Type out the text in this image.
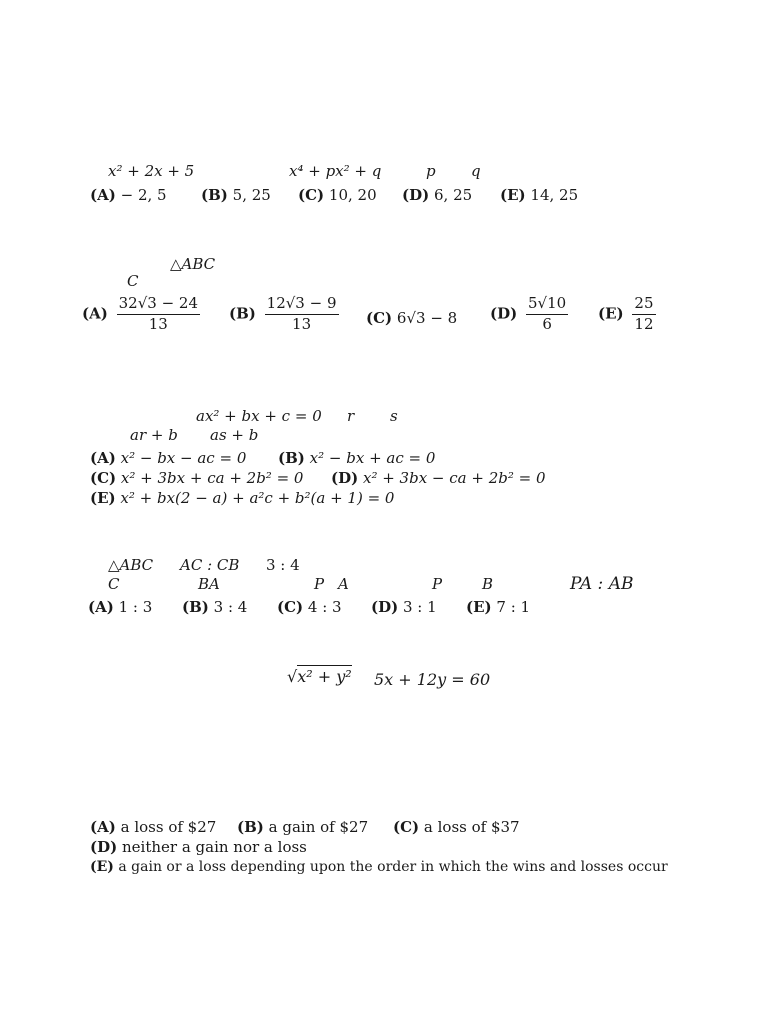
x² + 2x + 5	x⁴ + px² + q	p q
(A) − 2, 5 (B) 5, 25 (C) 10, 20 (D) 6, 25 (E) 14, 25
△ABC
C
$(A) \frac{32√3 - 24}{13} (B) \frac{12√3 - 9}{13} (C) 6√3 - 8$ $(D) \frac{5√10}{6} (E) \frac{25}{12}$
ax² + bx + c = 0 r s
ar + b as + b
(A) x² − bx − ac = 0 (B) x² − bx + ac = 0
(C) x² + 3bx + ca + 2b² = 0 (D) x² + 3bx − ca + 2b² = 0
(E) x² + bx(2 − a) + a²c + b²(a + 1) = 0
△ABC AC : CB 3 : 4
C	BA	P A	P	B	PA : AB
(A) 1 : 3 (B) 3 : 4 (C) 4 : 3 (D) 3 : 1 (E) 7 : 1
√x² + y² 5x + 12y = 60
(A) a loss of $27 (B) a gain of $27 (C) a loss of $37
(D) neither a gain nor a loss
(E) a gain or a loss depending upon the order in which the wins and losses occur
